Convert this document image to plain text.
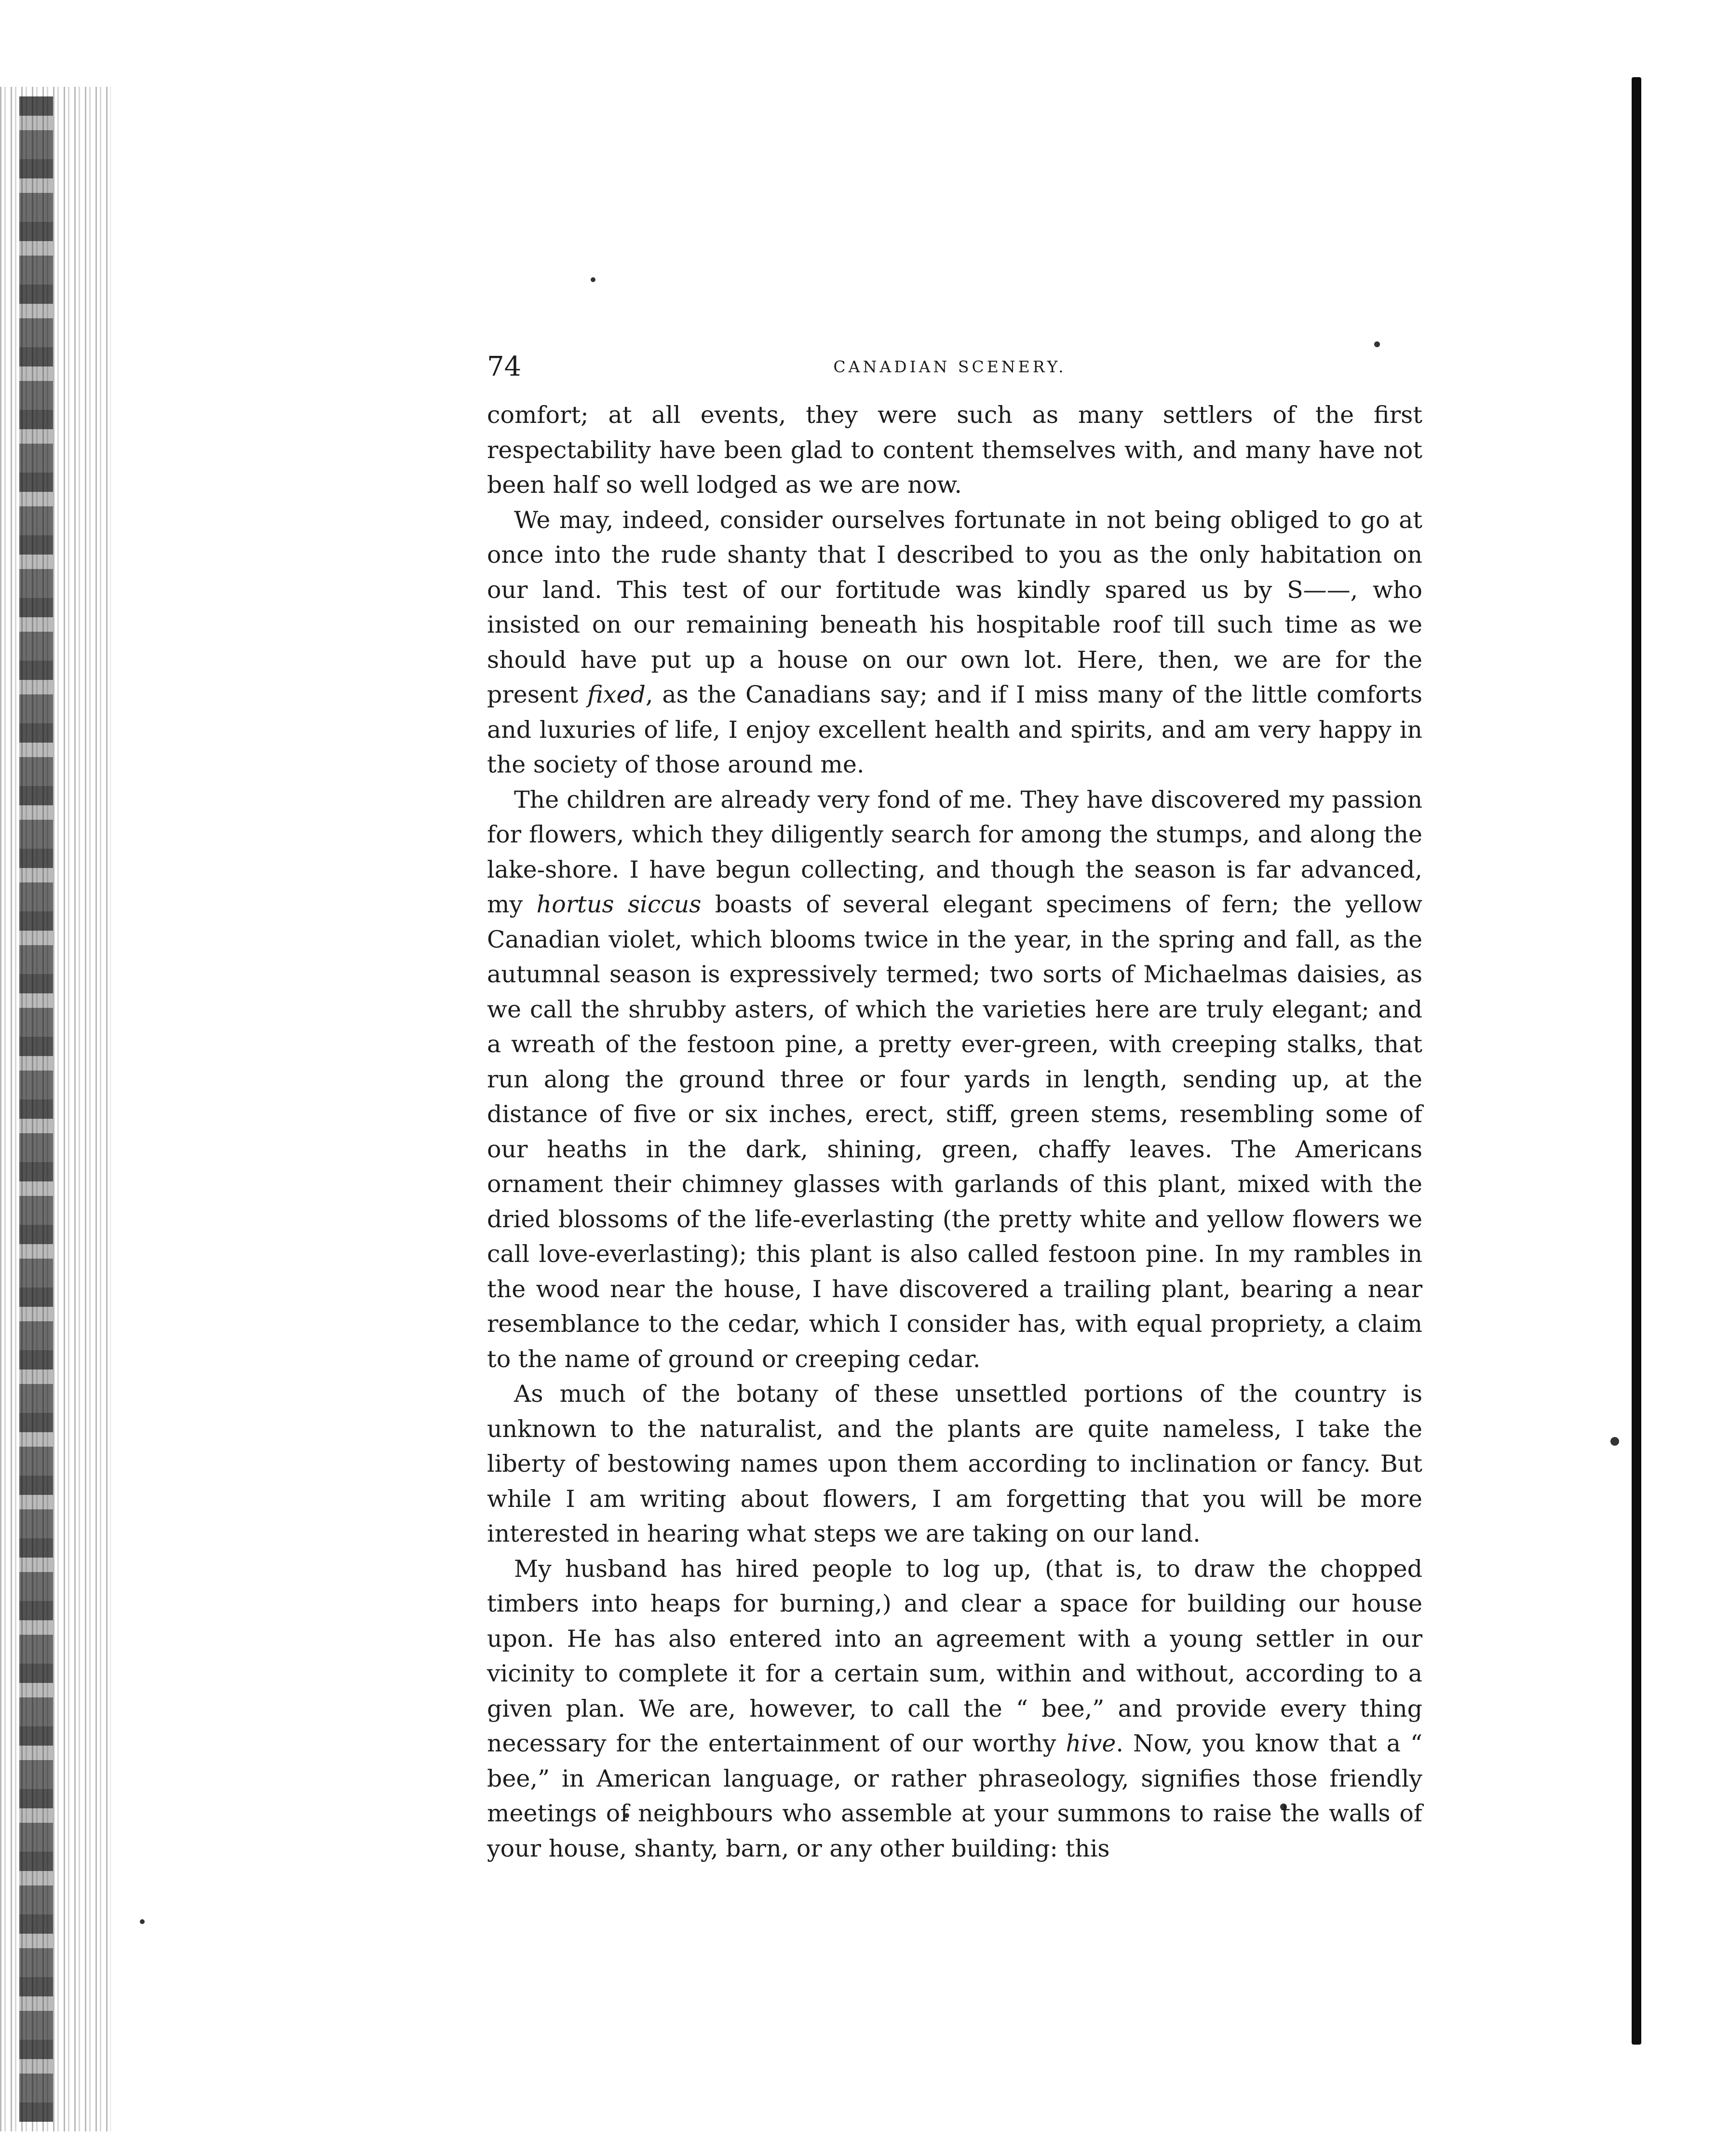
74	CANADIAN SCENERY.

comfort; at all events, they were such as many settlers of the first respectability have been glad to content themselves with, and many have not been half so well lodged as we are now.

We may, indeed, consider ourselves fortunate in not being obliged to go at once into the rude shanty that I described to you as the only habitation on our land. This test of our fortitude was kindly spared us by S——, who insisted on our remaining beneath his hospitable roof till such time as we should have put up a house on our own lot. Here, then, we are for the present fixed, as the Canadians say; and if I miss many of the little comforts and luxuries of life, I enjoy excellent health and spirits, and am very happy in the society of those around me.

The children are already very fond of me. They have discovered my passion for flowers, which they diligently search for among the stumps, and along the lake-shore. I have begun collecting, and though the season is far advanced, my hortus siccus boasts of several elegant specimens of fern; the yellow Canadian violet, which blooms twice in the year, in the spring and fall, as the autumnal season is expressively termed; two sorts of Michaelmas daisies, as we call the shrubby asters, of which the varieties here are truly elegant; and a wreath of the festoon pine, a pretty ever-green, with creeping stalks, that run along the ground three or four yards in length, sending up, at the distance of five or six inches, erect, stiff, green stems, resembling some of our heaths in the dark, shining, green, chaffy leaves. The Americans ornament their chimney glasses with garlands of this plant, mixed with the dried blossoms of the life-everlasting (the pretty white and yellow flowers we call love-everlasting); this plant is also called festoon pine. In my rambles in the wood near the house, I have discovered a trailing plant, bearing a near resemblance to the cedar, which I consider has, with equal propriety, a claim to the name of ground or creeping cedar.

As much of the botany of these unsettled portions of the country is unknown to the naturalist, and the plants are quite nameless, I take the liberty of bestowing names upon them according to inclination or fancy. But while I am writing about flowers, I am forgetting that you will be more interested in hearing what steps we are taking on our land.

My husband has hired people to log up, (that is, to draw the chopped timbers into heaps for burning,) and clear a space for building our house upon. He has also entered into an agreement with a young settler in our vicinity to complete it for a certain sum, within and without, according to a given plan. We are, however, to call the “ bee,” and provide every thing necessary for the entertainment of our worthy hive. Now, you know that a “ bee,” in American language, or rather phraseology, signifies those friendly meetings of neighbours who assemble at your summons to raise the walls of your house, shanty, barn, or any other building: this
